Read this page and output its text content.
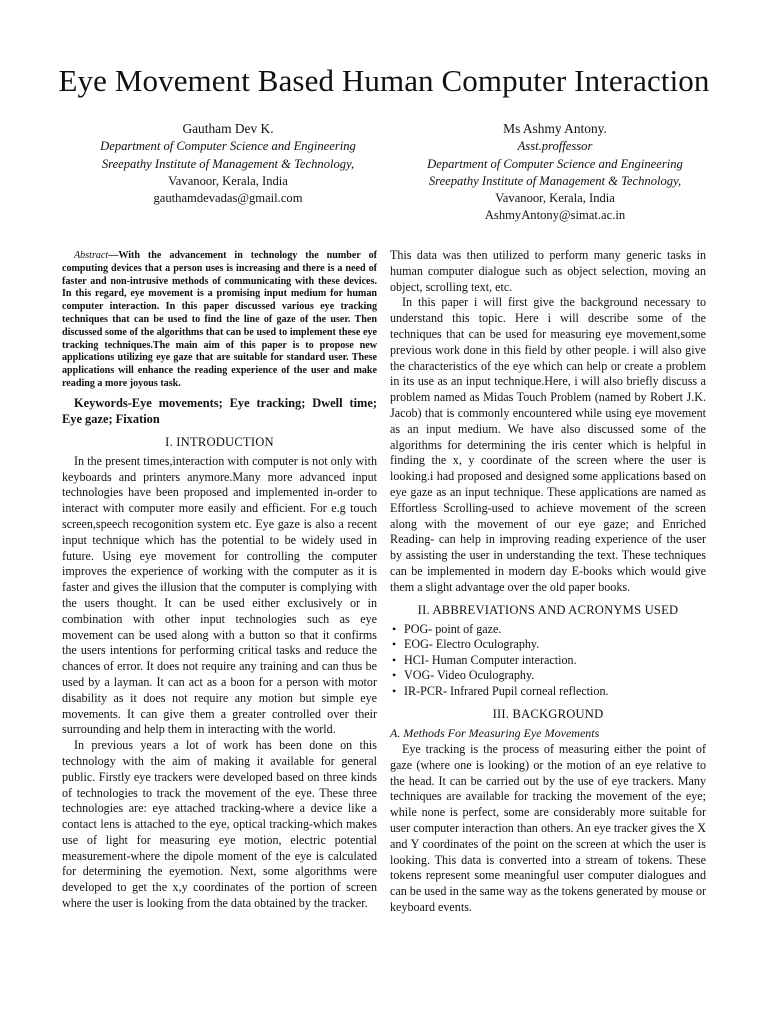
Eye Movement Based Human Computer Interaction
Gautham Dev K.
Department of Computer Science and Engineering
Sreepathy Institute of Management & Technology,
Vavanoor, Kerala, India
gauthamdevadas@gmail.com
Ms Ashmy Antony.
Asst.proffessor
Department of Computer Science and Engineering
Sreepathy Institute of Management & Technology,
Vavanoor, Kerala, India
AshmyAntony@simat.ac.in

Abstract—With the advancement in technology the number of computing devices that a person uses is increasing and there is a need of faster and non-intrusive methods of communicating with these devices. In this regard, eye movement is a promising input medium for human computer interaction. In this paper discussed various eye tracking techniques that can be used to find the line of gaze of the user. Then discussed some of the algorithms that can be used to implement these eye tracking techniques.The main aim of this paper is to propose new applications utilizing eye gaze that are suitable for standard user. These applications will enhance the reading experience of the user and make reading a more joyous task.

Keywords-Eye movements; Eye tracking; Dwell time; Eye gaze; Fixation

I. INTRODUCTION

In the present times,interaction with computer is not only with keyboards and printers anymore.Many more advanced input technologies have been proposed and implemented in-order to interact with computer more easily and efficient. For e.g touch screen,speech recogonition system etc. Eye gaze is also a recent input technique which has the potential to be widely used in future. Using eye movement for controlling the computer improves the experience of working with the computer as it is faster and gives the illusion that the computer is complying with the users thought. It can be used either exclusively or in combination with other input technologies such as eye movement can be used along with a button so that it confirms the users intentions for performing critical tasks and reduce the chances of error. It does not require any training and can thus be used by a layman. It can act as a boon for a person with motor disability as it does not require any motion but simple eye movements. It can give them a greater controlled over their surrounding and help them in interacting with the world.

In previous years a lot of work has been done on this technology with the aim of making it available for general public. Firstly eye trackers were developed based on three kinds of technologies to track the movement of the eye. These three technologies are: eye attached tracking-where a device like a contact lens is attached to the eye, optical tracking-which makes use of light for measuring eye motion, electric potential measurement-where the dipole moment of the eye is calculated for determining the eyemotion. Next, some algorithms were developed to get the x,y coordinates of the portion of screen where the user is looking from the data obtained by the tracker.

This data was then utilized to perform many generic tasks in human computer dialogue such as object selection, moving an object, scrolling text, etc.

In this paper i will first give the background necessary to understand this topic. Here i will describe some of the techniques that can be used for measuring eye movement,some previous work done in this field by other people. i will also give the characteristics of the eye which can help or create a problem in its use as an input technique.Here, i will also briefly discuss a problem named as Midas Touch Problem (named by Robert J.K. Jacob) that is commonly encountered while using eye movement as an input medium. We have also discussed some of the algorithms for determining the iris center which is helpful in finding the x, y coordinate of the screen where the user is looking.i had proposed and designed some applications based on eye gaze as an input technique. These applications are named as Effortless Scrolling-used to achieve movement of the screen along with the movement of our eye gaze; and Enriched Reading- can help in improving reading experience of the user by assisting the user in understanding the text. These techniques can be implemented in modern day E-books which would give them a slight advantage over the old paper books.

II. ABBREVIATIONS AND ACRONYMS USED
• POG- point of gaze.
• EOG- Electro Oculography.
• HCI- Human Computer interaction.
• VOG- Video Oculography.
• IR-PCR- Infrared Pupil corneal reflection.
III. BACKGROUND
A. Methods For Measuring Eye Movements

Eye tracking is the process of measuring either the point of gaze (where one is looking) or the motion of an eye relative to the head. It can be carried out by the use of eye trackers. Many techniques are available for tracking the movement of the eye; while none is perfect, some are considerably more suitable for user computer interaction than others. An eye tracker gives the X and Y coordinates of the point on the screen at which the user is looking. This data is converted into a stream of tokens. These tokens represent some meaningful user computer dialogues and can be used in the same way as the tokens generated by mouse or keyboard events.
